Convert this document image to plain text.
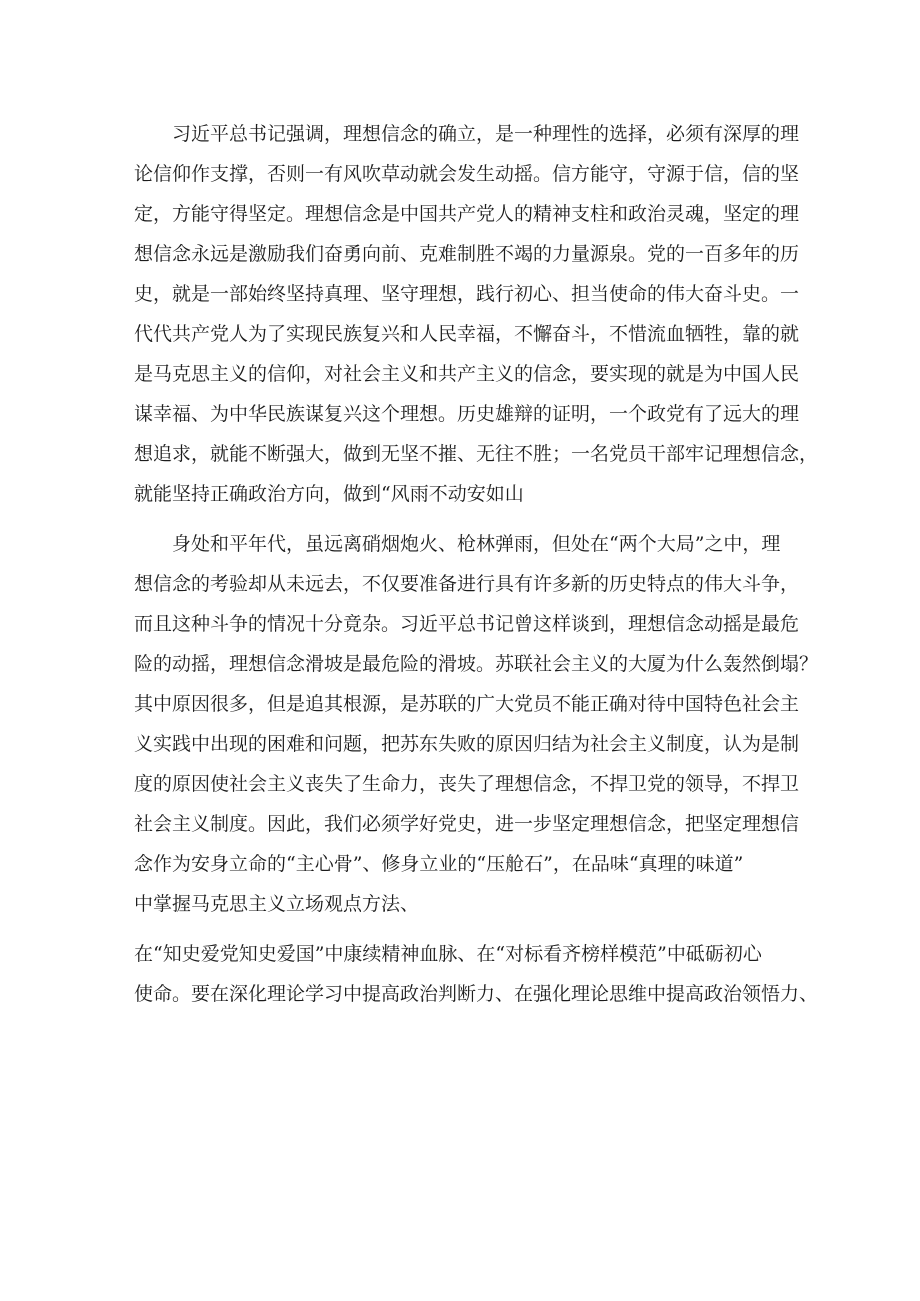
习近平总书记强调，理想信念的确立，是一种理性的选择，必须有深厚的理
论信仰作支撑，否则一有风吹草动就会发生动摇。信方能守，守源于信，信的坚
定，方能守得坚定。理想信念是中国共产党人的精神支柱和政治灵魂，坚定的理
想信念永远是激励我们奋勇向前、克难制胜不竭的力量源泉。党的一百多年的历
史，就是一部始终坚持真理、坚守理想，践行初心、担当使命的伟大奋斗史。一
代代共产党人为了实现民族复兴和人民幸福，不懈奋斗，不惜流血牺牲，靠的就
是马克思主义的信仰，对社会主义和共产主义的信念，要实现的就是为中国人民
谋幸福、为中华民族谋复兴这个理想。历史雄辩的证明，一个政党有了远大的理
想追求，就能不断强大，做到无坚不摧、无往不胜；一名党员干部牢记理想信念，
就能坚持正确政治方向，做到“风雨不动安如山

身处和平年代，虽远离硝烟炮火、枪林弹雨，但处在“两个大局”之中，理
想信念的考验却从未远去，不仅要准备进行具有许多新的历史特点的伟大斗争，
而且这种斗争的情况十分竟杂。习近平总书记曾这样谈到，理想信念动摇是最危
险的动摇，理想信念滑坡是最危险的滑坡。苏联社会主义的大厦为什么轰然倒塌？
其中原因很多，但是追其根源，是苏联的广大党员不能正确对待中国特色社会主
义实践中出现的困难和问题，把苏东失败的原因归结为社会主义制度，认为是制
度的原因使社会主义丧失了生命力，丧失了理想信念，不捍卫党的领导，不捍卫
社会主义制度。因此，我们必须学好党史，进一步坚定理想信念，把坚定理想信
念作为安身立命的“主心骨”、修身立业的“压舱石”，在品味“真理的味道”
中掌握马克思主义立场观点方法、

在“知史爱党知史爱国”中康续精神血脉、在“对标看齐榜样模范”中砥砺初心
使命。要在深化理论学习中提高政治判断力、在强化理论思维中提高政治领悟力、
